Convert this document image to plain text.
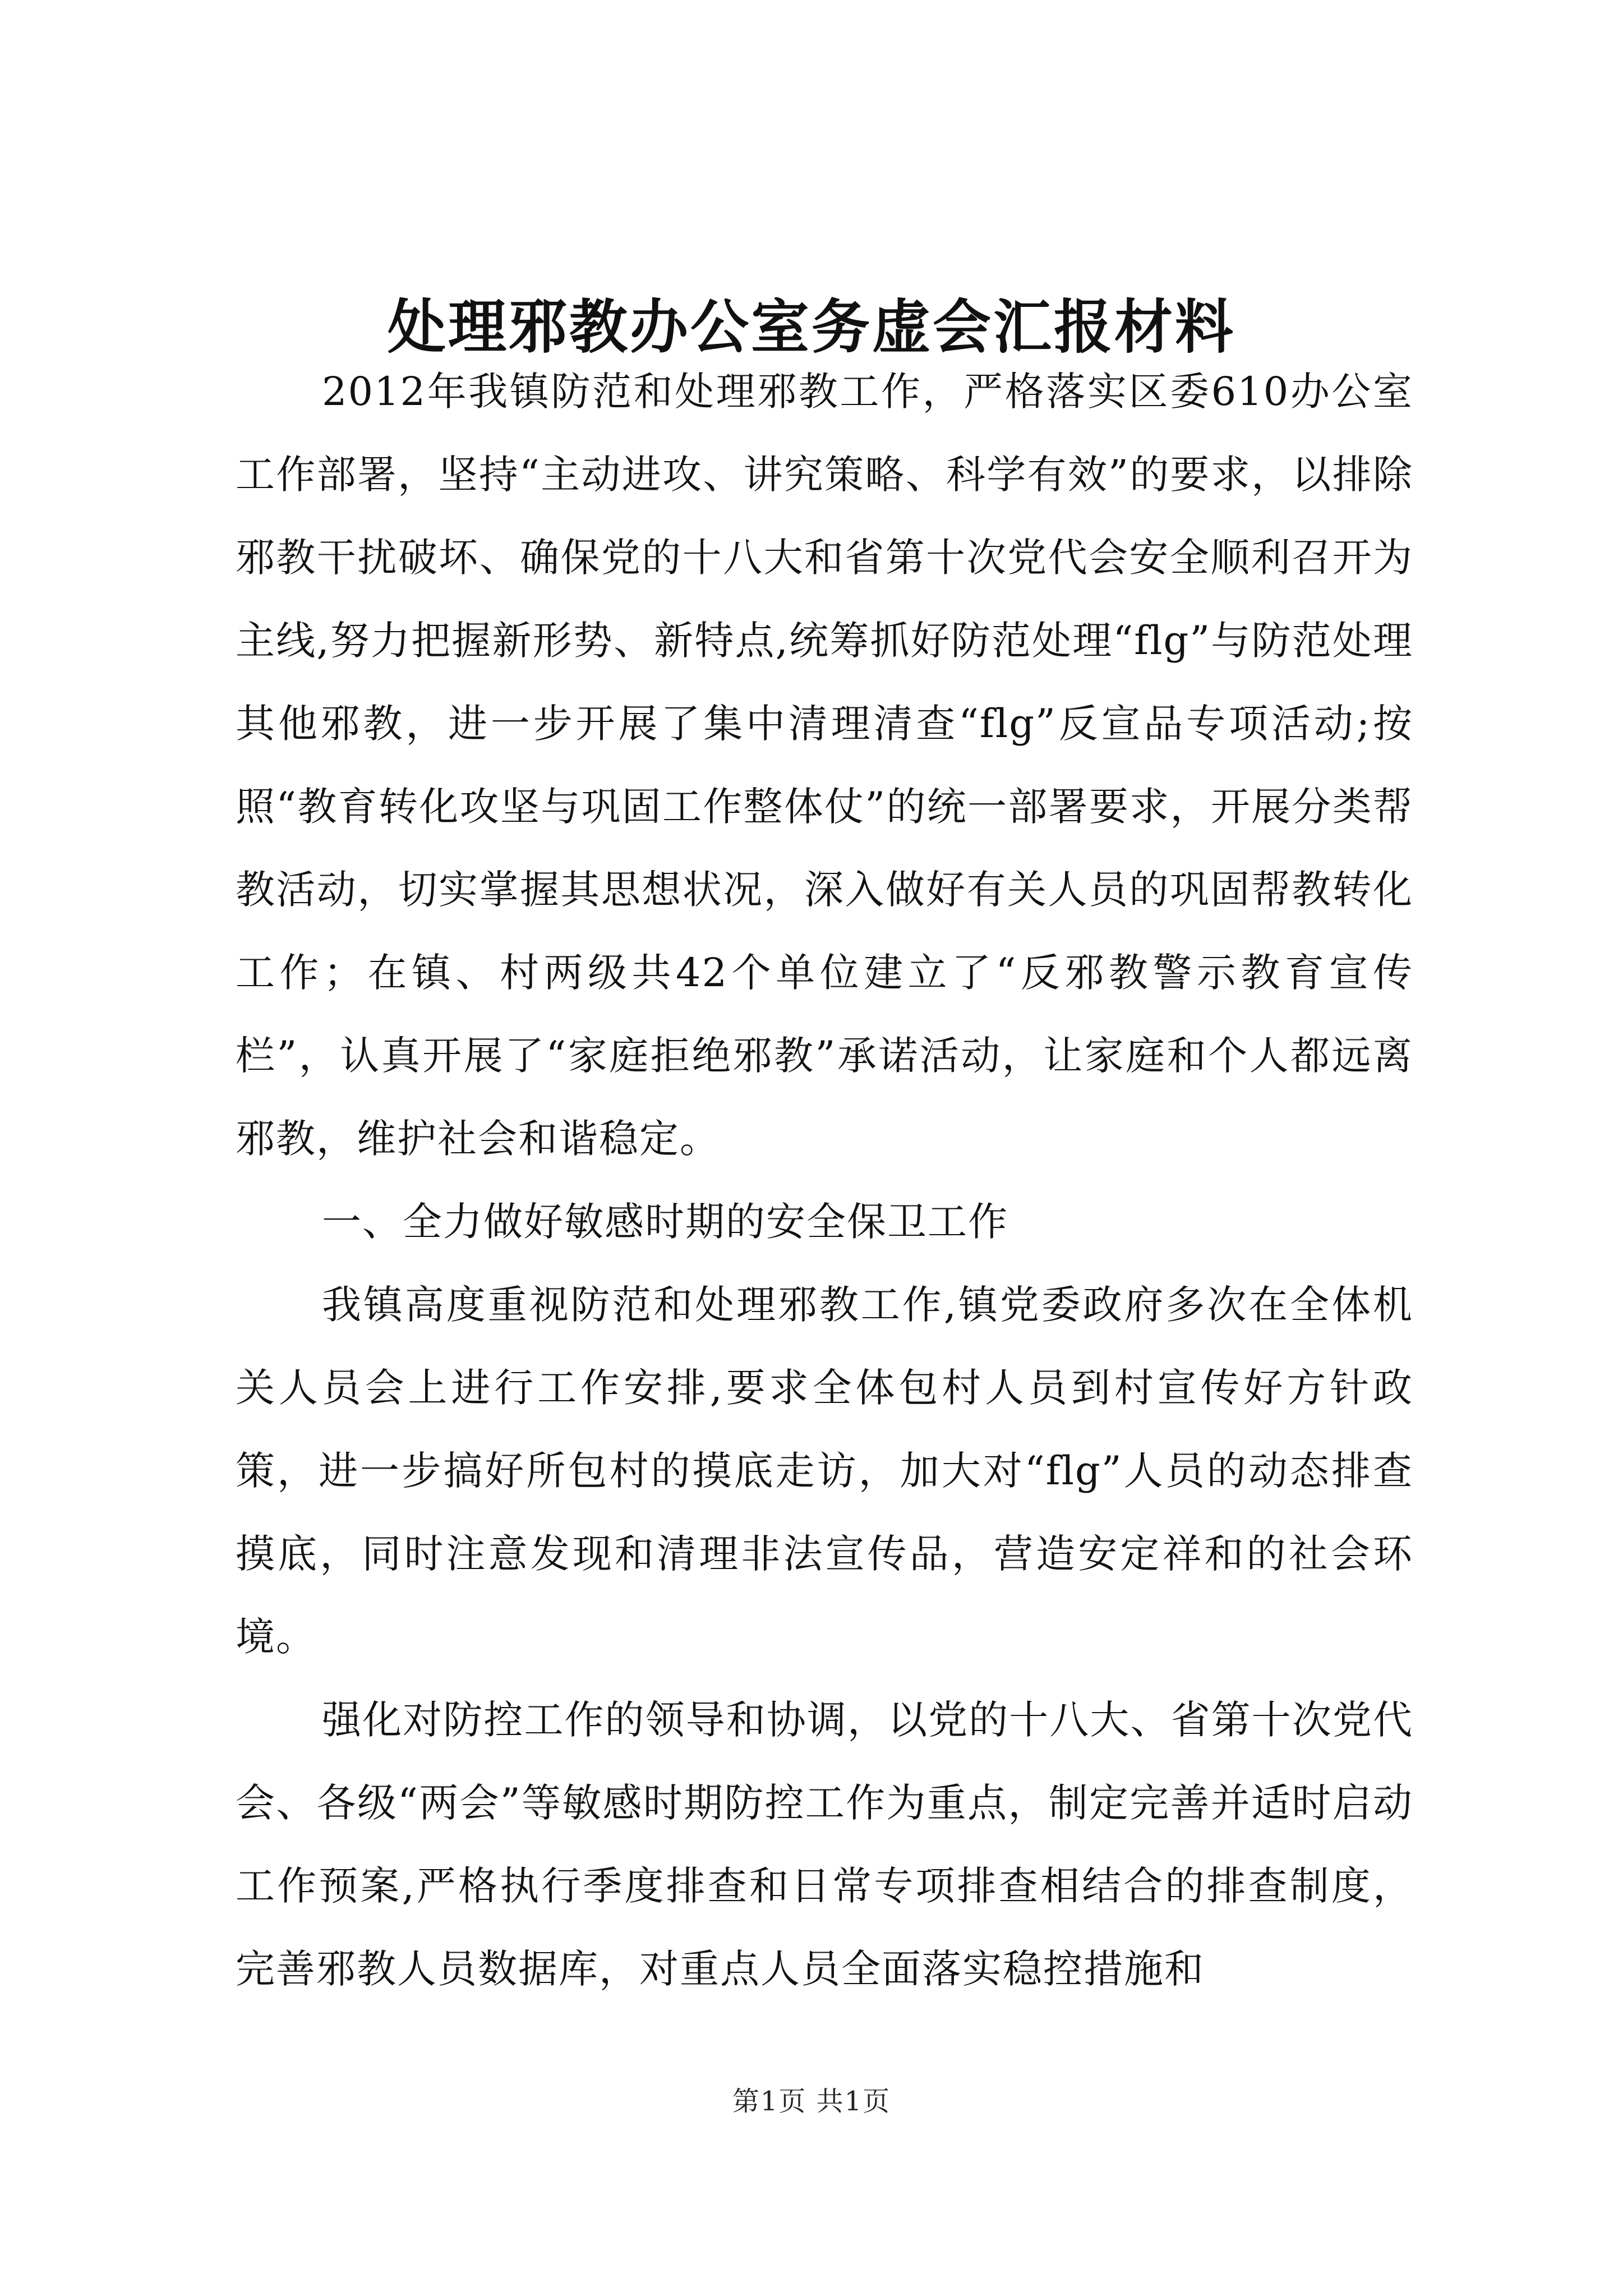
处理邪教办公室务虚会汇报材料

2012年我镇防范和处理邪教工作，严格落实区委610办公室工作部署，坚持“主动进攻、讲究策略、科学有效”的要求，以排除邪教干扰破坏、确保党的十八大和省第十次党代会安全顺利召开为主线,努力把握新形势、新特点,统筹抓好防范处理“flg”与防范处理其他邪教，进一步开展了集中清理清查“flg”反宣品专项活动;按照“教育转化攻坚与巩固工作整体仗”的统一部署要求，开展分类帮教活动，切实掌握其思想状况，深入做好有关人员的巩固帮教转化工作；在镇、村两级共42个单位建立了“反邪教警示教育宣传栏”，认真开展了“家庭拒绝邪教”承诺活动，让家庭和个人都远离邪教，维护社会和谐稳定。

一、全力做好敏感时期的安全保卫工作

我镇高度重视防范和处理邪教工作,镇党委政府多次在全体机关人员会上进行工作安排,要求全体包村人员到村宣传好方针政策，进一步搞好所包村的摸底走访，加大对“flg”人员的动态排查摸底，同时注意发现和清理非法宣传品，营造安定祥和的社会环境。

强化对防控工作的领导和协调，以党的十八大、省第十次党代会、各级“两会”等敏感时期防控工作为重点，制定完善并适时启动工作预案,严格执行季度排查和日常专项排查相结合的排查制度，完善邪教人员数据库，对重点人员全面落实稳控措施和

第1页 共1页
